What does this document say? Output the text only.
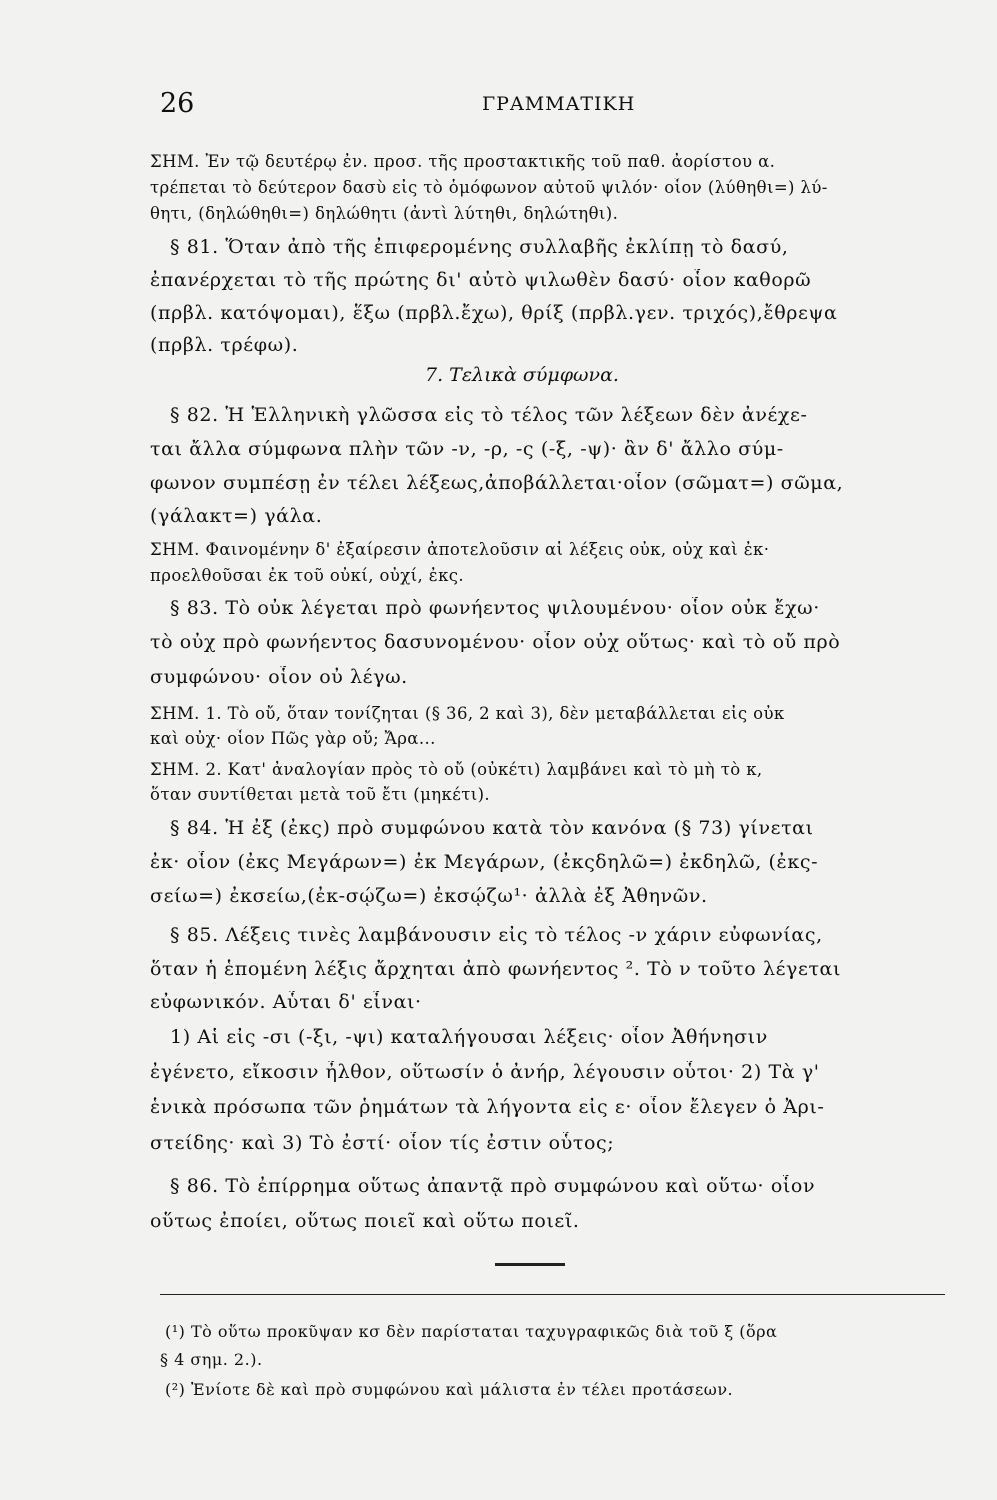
26	ΓΡΑΜΜΑΤΙΚΗ
ΣΗΜ. Ἐν τῷ δευτέρῳ ἐν. προσ. τῆς προστακτικῆς τοῦ παθ. ἀορίστου α.
τρέπεται τὸ δεύτερον δασὺ εἰς τὸ ὁμόφωνον αὐτοῦ ψιλόν· οἷον (λύθηθι=) λύ-
θητι, (δηλώθηθι=) δηλώθητι (ἀντὶ λύτηθι, δηλώτηθι).
§ 81. Ὅταν ἀπὸ τῆς ἐπιφερομένης συλλαβῆς ἐκλίπῃ τὸ δασύ,
ἐπανέρχεται τὸ τῆς πρώτης δι' αὐτὸ ψιλωθὲν δασύ· οἷον καθορῶ
(πρβλ. κατόψομαι), ἕξω (πρβλ.ἔχω), θρίξ (πρβλ.γεν. τριχός),ἔθρεψα
(πρβλ. τρέφω).
7. Τελικὰ σύμφωνα.
§ 82. Ἡ Ἑλληνικὴ γλῶσσα εἰς τὸ τέλος τῶν λέξεων δὲν ἀνέχε-
ται ἄλλα σύμφωνα πλὴν τῶν -ν, -ρ, -ς (-ξ, -ψ)· ἂν δ' ἄλλο σύμ-
φωνον συμπέσῃ ἐν τέλει λέξεως,ἀποβάλλεται·οἷον (σῶματ=) σῶμα,
(γάλακτ=) γάλα.
ΣΗΜ. Φαινομένην δ' ἐξαίρεσιν ἀποτελοῦσιν αἱ λέξεις οὐκ, οὐχ καὶ ἐκ·
προελθοῦσαι ἐκ τοῦ οὐκί, οὐχί, ἐκς.
§ 83. Τὸ οὐκ λέγεται πρὸ φωνήεντος ψιλουμένου· οἷον οὐκ ἔχω·
τὸ οὐχ πρὸ φωνήεντος δασυνομένου· οἷον οὐχ οὕτως· καὶ τὸ οὔ πρὸ
συμφώνου· οἷον οὐ λέγω.
ΣΗΜ. 1. Τὸ οὔ, ὅταν τονίζηται (§ 36, 2 καὶ 3), δὲν μεταβάλλεται εἰς οὐκ
καὶ οὐχ· οἷον Πῶς γὰρ οὔ; Ἄρα...
ΣΗΜ. 2. Κατ' ἀναλογίαν πρὸς τὸ οὔ (οὐκέτι) λαμβάνει καὶ τὸ μὴ τὸ κ,
ὅταν συντίθεται μετὰ τοῦ ἔτι (μηκέτι).
§ 84. Ἡ ἐξ (ἐκς) πρὸ συμφώνου κατὰ τὸν κανόνα (§ 73) γίνεται
ἐκ· οἷον (ἐκς Μεγάρων=) ἐκ Μεγάρων, (ἐκςδηλῶ=) ἐκδηλῶ, (ἐκς-
σείω=) ἐκσείω,(ἐκ-σῴζω=) ἐκσῴζω¹· ἀλλὰ ἐξ Ἀθηνῶν.
§ 85. Λέξεις τινὲς λαμβάνουσιν εἰς τὸ τέλος -ν χάριν εὐφωνίας,
ὅταν ἡ ἑπομένη λέξις ἄρχηται ἀπὸ φωνήεντος ². Τὸ ν τοῦτο λέγεται
εὐφωνικόν. Αὗται δ' εἶναι·
1) Αἱ εἰς -σι (-ξι, -ψι) καταλήγουσαι λέξεις· οἷον Ἀθήνησιν
ἐγένετο, εἴκοσιν ἦλθον, οὕτωσίν ὁ ἀνήρ, λέγουσιν οὗτοι· 2) Τὰ γ'
ἑνικὰ πρόσωπα τῶν ῥημάτων τὰ λήγοντα εἰς ε· οἷον ἔλεγεν ὁ Ἀρι-
στείδης· καὶ 3) Τὸ ἐστί· οἷον τίς ἐστιν οὗτος;
§ 86. Τὸ ἐπίρρημα οὕτως ἀπαντᾷ πρὸ συμφώνου καὶ οὕτω· οἷον
οὕτως ἐποίει, οὕτως ποιεῖ καὶ οὕτω ποιεῖ.
(¹) Τὸ οὕτω προκῦψαν κσ δὲν παρίσταται ταχυγραφικῶς διὰ τοῦ ξ (ὅρα
§ 4 σημ. 2.).
(²) Ἐνίοτε δὲ καὶ πρὸ συμφώνου καὶ μάλιστα ἐν τέλει προτάσεων.
